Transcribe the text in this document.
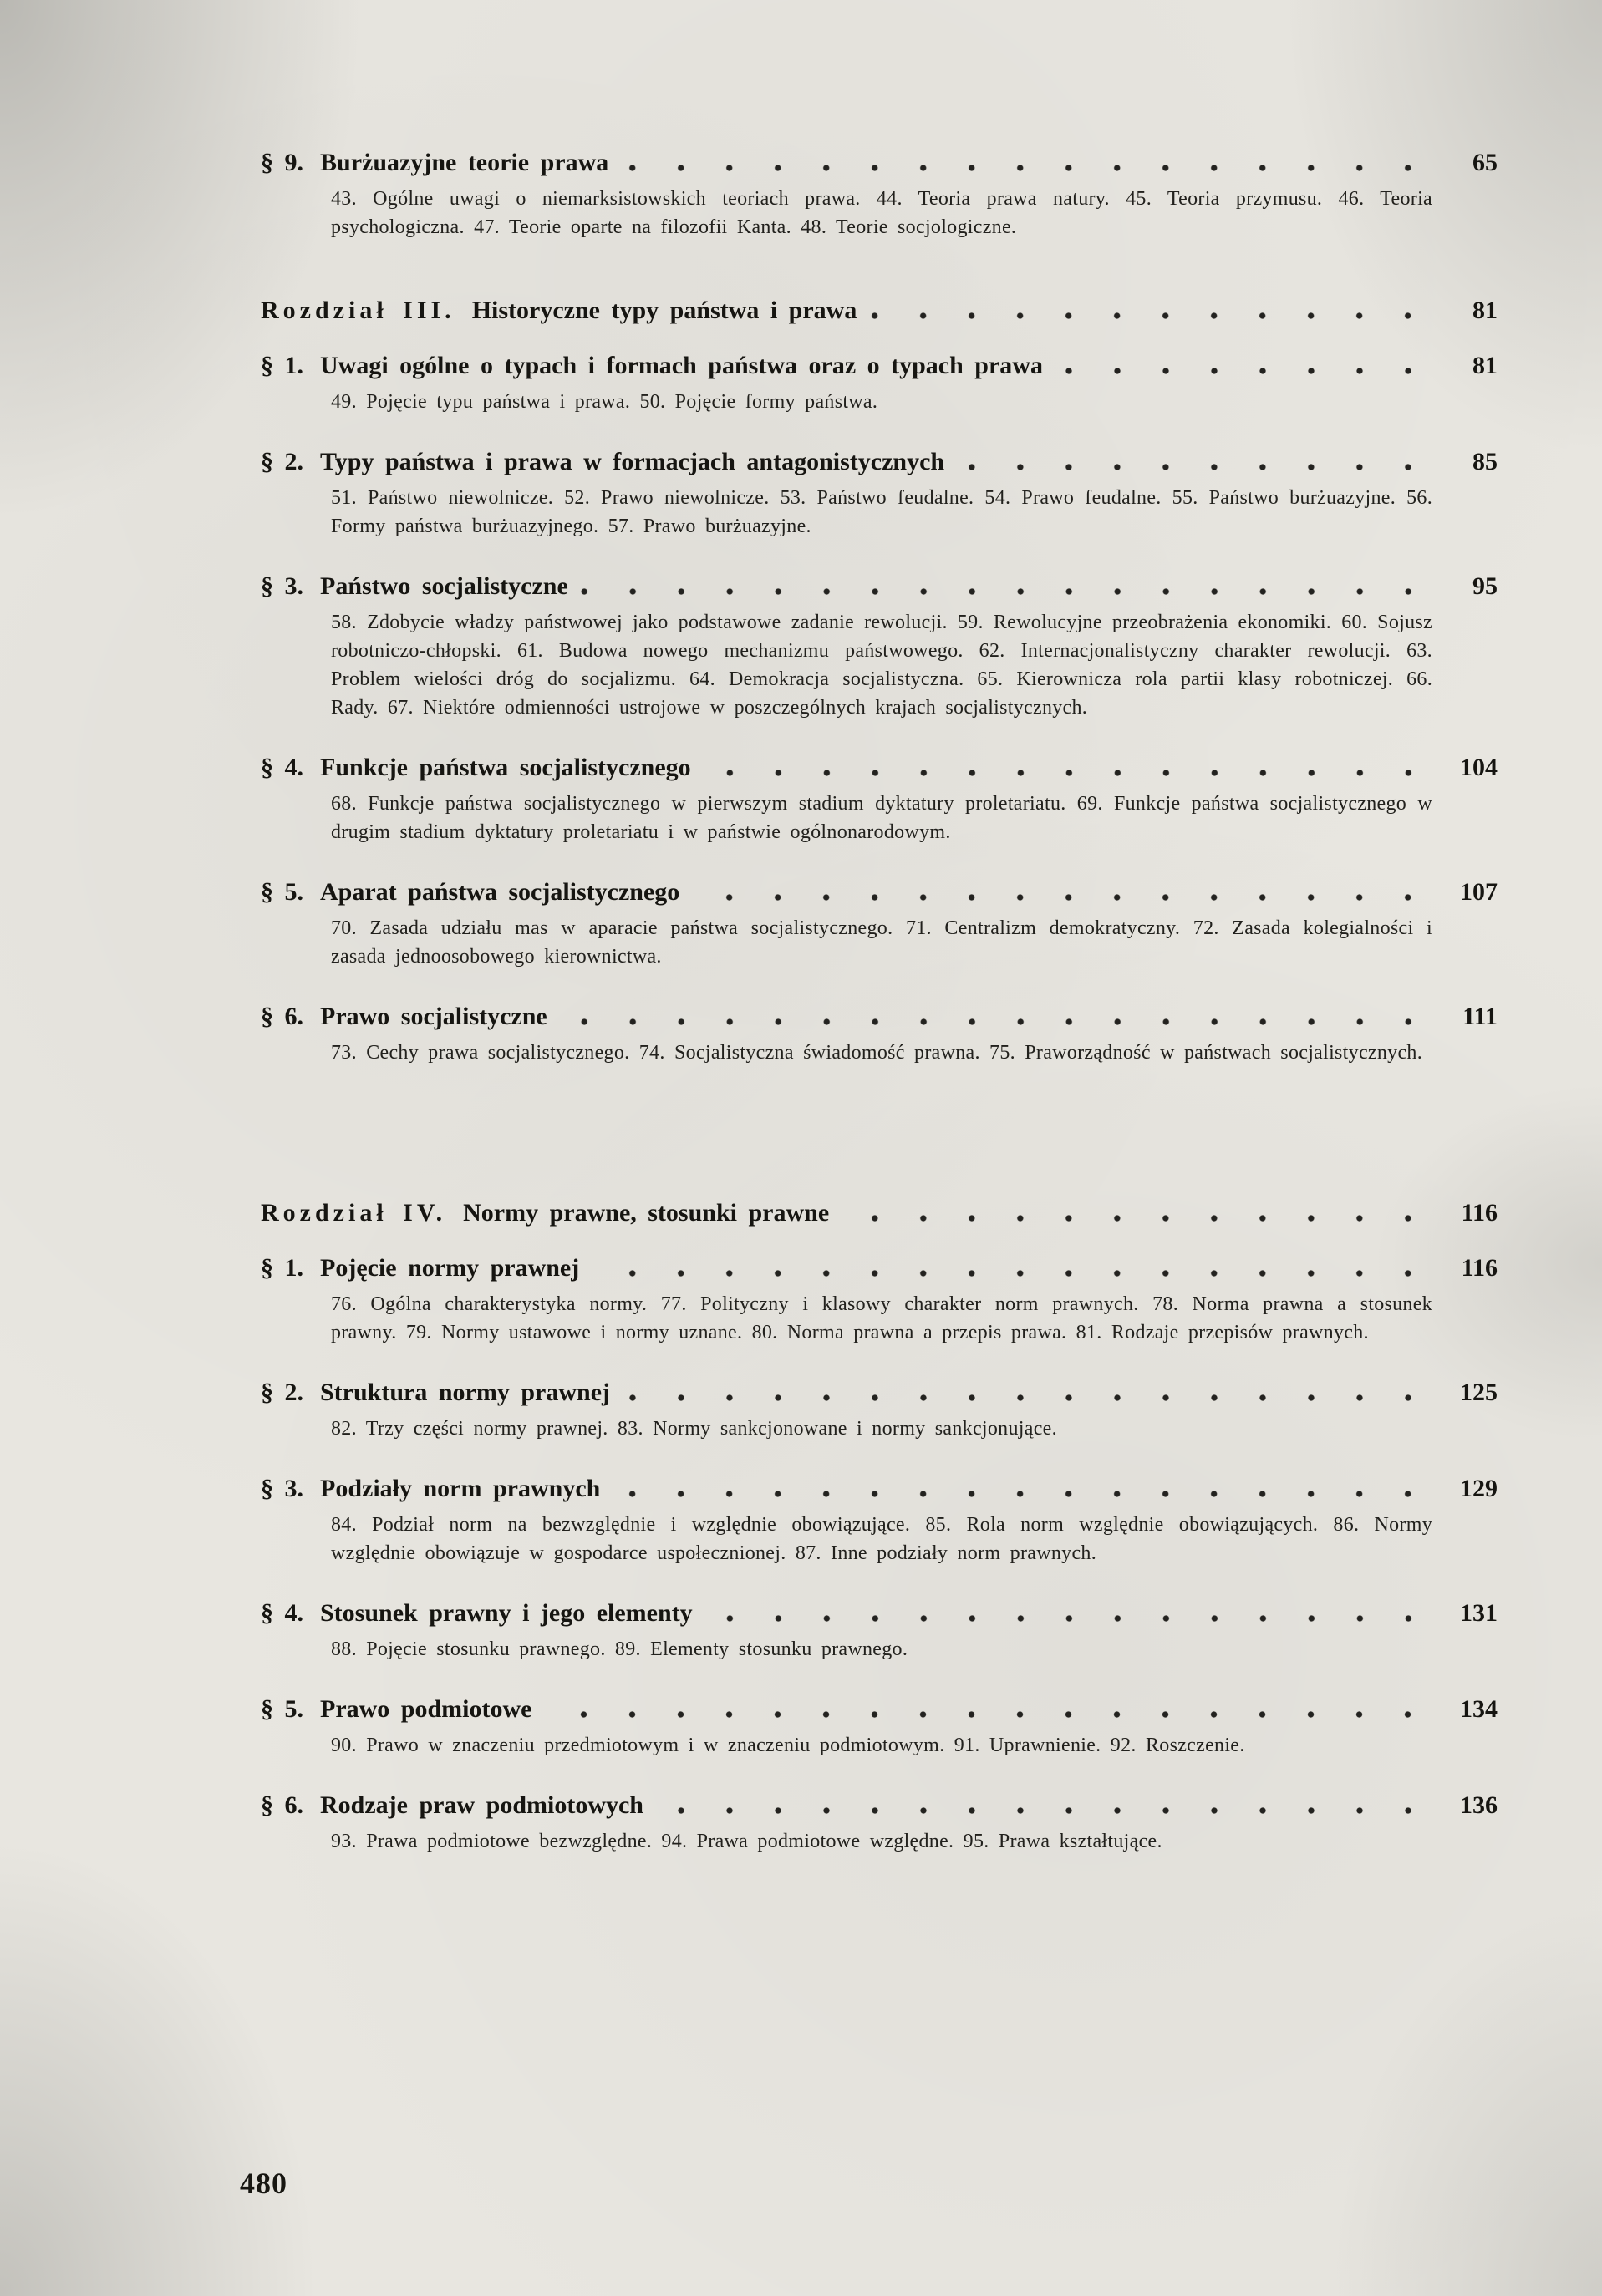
§ 9. Burżuazyjne teorie prawa	65
43. Ogólne uwagi o niemarksistowskich teoriach prawa. 44. Teoria prawa natury. 45. Teoria przymusu. 46. Teoria psychologiczna. 47. Teorie oparte na filozofii Kanta. 48. Teorie socjologiczne.
Rozdział III. Historyczne typy państwa i prawa	81
§ 1. Uwagi ogólne o typach i formach państwa oraz o typach prawa	81
49. Pojęcie typu państwa i prawa. 50. Pojęcie formy państwa.
§ 2. Typy państwa i prawa w formacjach antagonistycznych	85
51. Państwo niewolnicze. 52. Prawo niewolnicze. 53. Państwo feudalne. 54. Prawo feudalne. 55. Państwo burżuazyjne. 56. Formy państwa burżuazyjnego. 57. Prawo burżuazyjne.
§ 3. Państwo socjalistyczne	95
58. Zdobycie władzy państwowej jako podstawowe zadanie rewolucji. 59. Rewolucyjne przeobrażenia ekonomiki. 60. Sojusz robotniczo-chłopski. 61. Budowa nowego mechanizmu państwowego. 62. Internacjonalistyczny charakter rewolucji. 63. Problem wielości dróg do socjalizmu. 64. Demokracja socjalistyczna. 65. Kierownicza rola partii klasy robotniczej. 66. Rady. 67. Niektóre odmienności ustrojowe w poszczególnych krajach socjalistycznych.
§ 4. Funkcje państwa socjalistycznego	104
68. Funkcje państwa socjalistycznego w pierwszym stadium dyktatury proletariatu. 69. Funkcje państwa socjalistycznego w drugim stadium dyktatury proletariatu i w państwie ogólnonarodowym.
§ 5. Aparat państwa socjalistycznego	107
70. Zasada udziału mas w aparacie państwa socjalistycznego. 71. Centralizm demokratyczny. 72. Zasada kolegialności i zasada jednoosobowego kierownictwa.
§ 6. Prawo socjalistyczne	111
73. Cechy prawa socjalistycznego. 74. Socjalistyczna świadomość prawna. 75. Praworządność w państwach socjalistycznych.
Rozdział IV. Normy prawne, stosunki prawne	116
§ 1. Pojęcie normy prawnej	116
76. Ogólna charakterystyka normy. 77. Polityczny i klasowy charakter norm prawnych. 78. Norma prawna a stosunek prawny. 79. Normy ustawowe i normy uznane. 80. Norma prawna a przepis prawa. 81. Rodzaje przepisów prawnych.
§ 2. Struktura normy prawnej	125
82. Trzy części normy prawnej. 83. Normy sankcjonowane i normy sankcjonujące.
§ 3. Podziały norm prawnych	129
84. Podział norm na bezwzględnie i względnie obowiązujące. 85. Rola norm względnie obowiązujących. 86. Normy względnie obowiązuje w gospodarce uspołecznionej. 87. Inne podziały norm prawnych.
§ 4. Stosunek prawny i jego elementy	131
88. Pojęcie stosunku prawnego. 89. Elementy stosunku prawnego.
§ 5. Prawo podmiotowe	134
90. Prawo w znaczeniu przedmiotowym i w znaczeniu podmiotowym. 91. Uprawnienie. 92. Roszczenie.
§ 6. Rodzaje praw podmiotowych	136
93. Prawa podmiotowe bezwzględne. 94. Prawa podmiotowe względne. 95. Prawa kształtujące.
480
